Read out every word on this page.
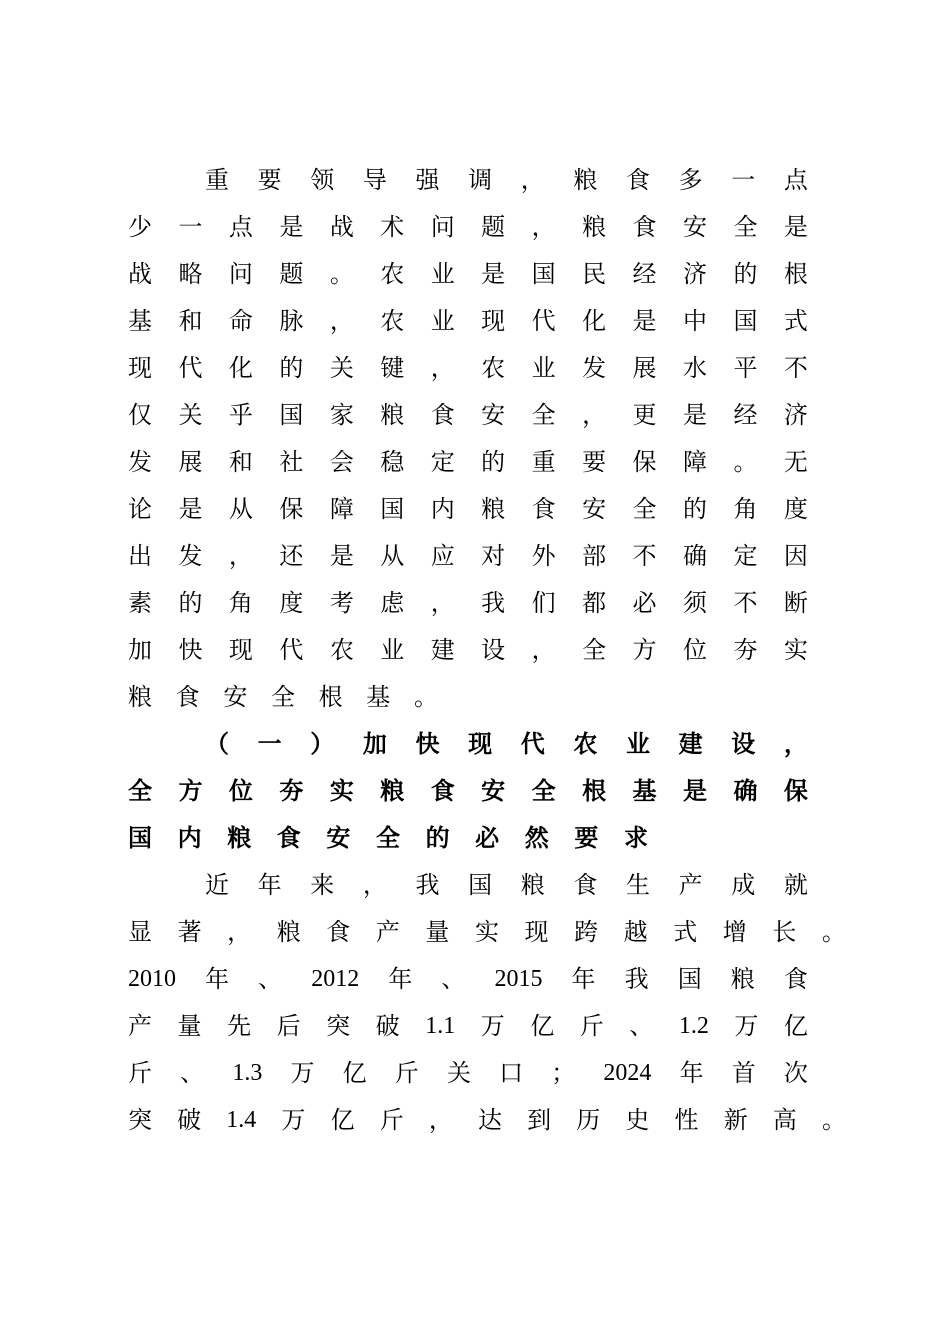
重 要 领 导 强 调 ， 粮 食 多 一 点
少 一 点 是 战 术 问 题 ， 粮 食 安 全 是
战 略 问 题 。 农 业 是 国 民 经 济 的 根
基 和 命 脉 ， 农 业 现 代 化 是 中 国 式
现 代 化 的 关 键 ， 农 业 发 展 水 平 不
仅 关 乎 国 家 粮 食 安 全 ， 更 是 经 济
发 展 和 社 会 稳 定 的 重 要 保 障 。 无
论 是 从 保 障 国 内 粮 食 安 全 的 角 度
出 发 ， 还 是 从 应 对 外 部 不 确 定 因
素 的 角 度 考 虑 ， 我 们 都 必 须 不 断
加 快 现 代 农 业 建 设 ， 全 方 位 夯 实
粮 食 安 全 根 基 。
（ 一 ） 加 快 现 代 农 业 建 设 ，
全 方 位 夯 实 粮 食 安 全 根 基 是 确 保
国 内 粮 食 安 全 的 必 然 要 求
近 年 来 ， 我 国 粮 食 生 产 成 就
显 著 ， 粮 食 产 量 实 现 跨 越 式 增 长 。
2010 年 、 2012 年 、 2015 年 我 国 粮 食
产 量 先 后 突 破 1.1 万 亿 斤 、 1.2 万 亿
斤 、 1.3 万 亿 斤 关 口 ； 2024 年 首 次
突 破 1.4 万 亿 斤 ， 达 到 历 史 性 新 高 。
